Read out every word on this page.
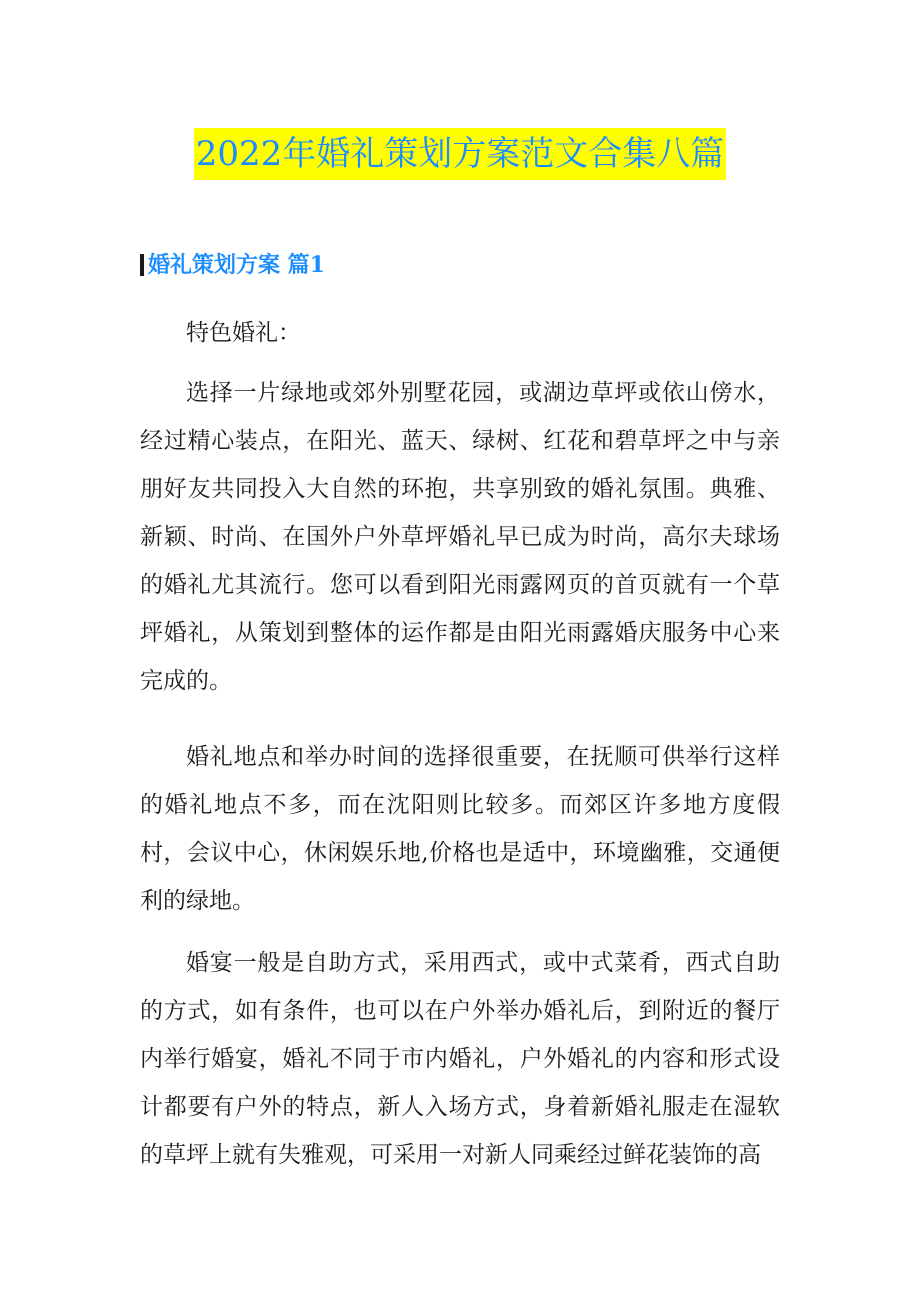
2022年婚礼策划方案范文合集八篇
婚礼策划方案 篇1

特色婚礼：

选择一片绿地或郊外别墅花园，或湖边草坪或依山傍水，经过精心装点，在阳光、蓝天、绿树、红花和碧草坪之中与亲朋好友共同投入大自然的环抱，共享别致的婚礼氛围。典雅、新颖、时尚、在国外户外草坪婚礼早已成为时尚，高尔夫球场的婚礼尤其流行。您可以看到阳光雨露网页的首页就有一个草坪婚礼，从策划到整体的运作都是由阳光雨露婚庆服务中心来完成的。

婚礼地点和举办时间的选择很重要，在抚顺可供举行这样的婚礼地点不多，而在沈阳则比较多。而郊区许多地方度假村，会议中心，休闲娱乐地,价格也是适中，环境幽雅，交通便利的绿地。

婚宴一般是自助方式，采用西式，或中式菜肴，西式自助的方式，如有条件，也可以在户外举办婚礼后，到附近的餐厅内举行婚宴，婚礼不同于市内婚礼，户外婚礼的内容和形式设计都要有户外的特点，新人入场方式，身着新婚礼服走在湿软的草坪上就有失雅观，可采用一对新人同乘经过鲜花装饰的高
